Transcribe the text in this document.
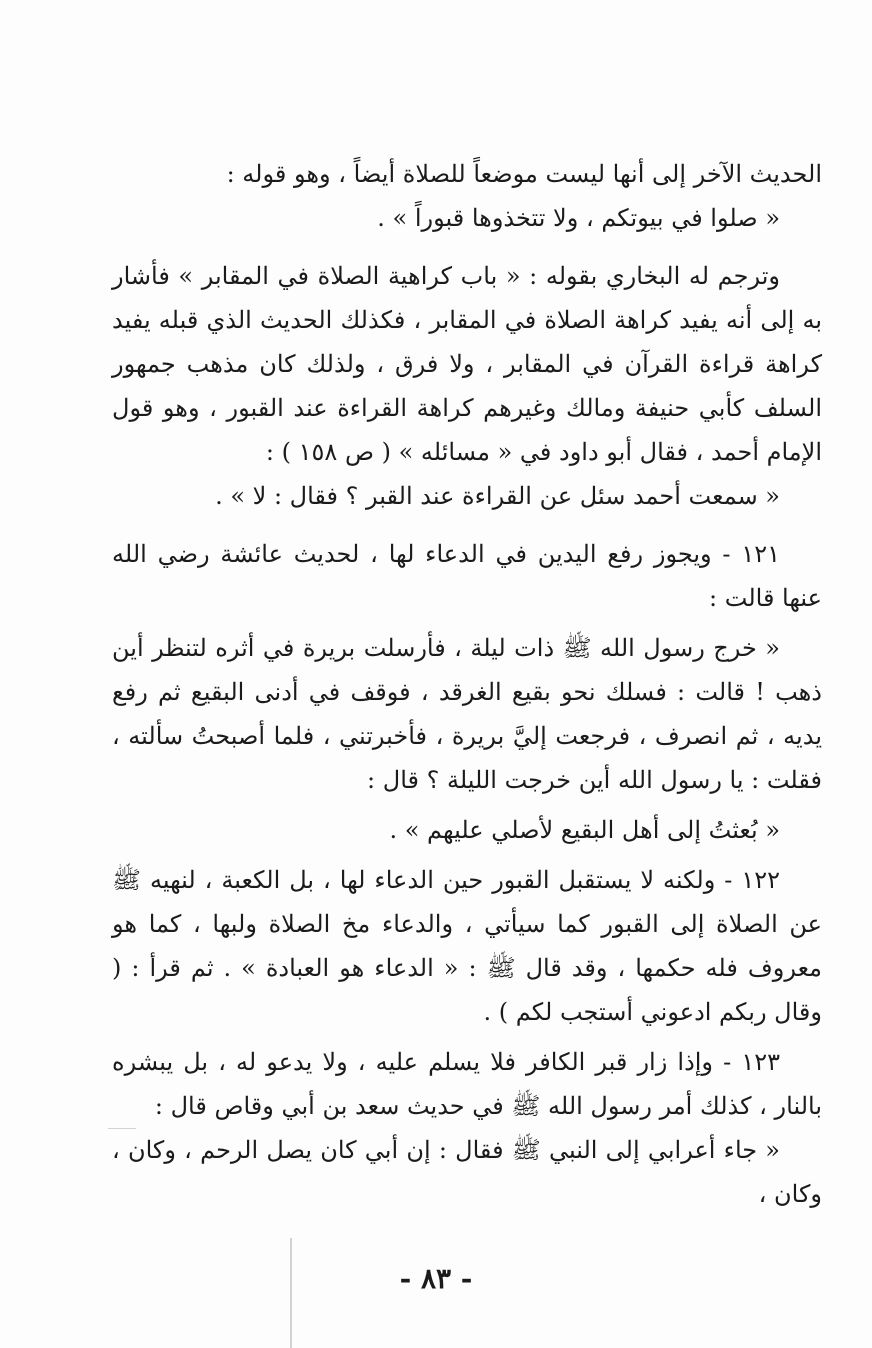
الحديث الآخر إلى أنها ليست موضعاً للصلاة أيضاً ، وهو قوله :

« صلوا في بيوتكم ، ولا تتخذوها قبوراً » .

وترجم له البخاري بقوله : « باب كراهية الصلاة في المقابر » فأشار به إلى أنه يفيد كراهة الصلاة في المقابر ، فكذلك الحديث الذي قبله يفيد كراهة قراءة القرآن في المقابر ، ولا فرق ، ولذلك كان مذهب جمهور السلف كأبي حنيفة ومالك وغيرهم كراهة القراءة عند القبور ، وهو قول الإمام أحمد ، فقال أبو داود في « مسائله » ( ص ١٥٨ ) :

« سمعت أحمد سئل عن القراءة عند القبر ؟ فقال : لا » .

١٢١ - ويجوز رفع اليدين في الدعاء لها ، لحديث عائشة رضي الله عنها قالت :

« خرج رسول الله ﷺ ذات ليلة ، فأرسلت بريرة في أثره لتنظر أين ذهب ! قالت : فسلك نحو بقيع الغرقد ، فوقف في أدنى البقيع ثم رفع يديه ، ثم انصرف ، فرجعت إليَّ بريرة ، فأخبرتني ، فلما أصبحتُ سألته ، فقلت : يا رسول الله أين خرجت الليلة ؟ قال :

« بُعثتُ إلى أهل البقيع لأصلي عليهم » .

١٢٢ - ولكنه لا يستقبل القبور حين الدعاء لها ، بل الكعبة ، لنهيه ﷺ عن الصلاة إلى القبور كما سيأتي ، والدعاء مخ الصلاة ولبها ، كما هو معروف فله حكمها ، وقد قال ﷺ : « الدعاء هو العبادة » . ثم قرأ : ( وقال ربكم ادعوني أستجب لكم ) .

١٢٣ - وإذا زار قبر الكافر فلا يسلم عليه ، ولا يدعو له ، بل يبشره بالنار ، كذلك أمر رسول الله ﷺ في حديث سعد بن أبي وقاص قال :

« جاء أعرابي إلى النبي ﷺ فقال : إن أبي كان يصل الرحم ، وكان ، وكان ،

- ٨٣ -
